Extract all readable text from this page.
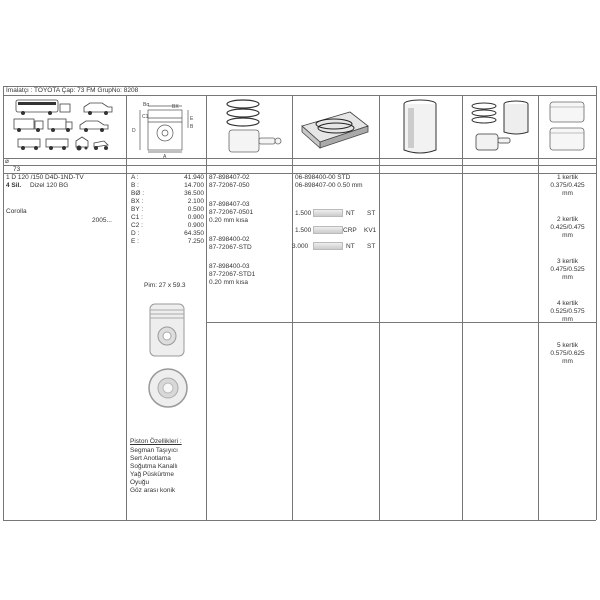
İmalatçı : TOYOTA Çap: 73 FM GrupNo: 8208
Bα	BX
D
E
B
C1
A
⌀
73
1 D 120 /150 D4D-1ND-TV
4 Sil. Dizel 120 BG
Corolla
2005...
A :	41.940
B :	14.700
BØ :	36.500
BX :	2.100
BY :	0.500
C1 :	0.900
C2 :	0.900
D :	64.350
E :	7.250
Pim: 27 x 59.3
Piston Özellikleri :
Segman Taşıyıcı
Sert Anotlama
Soğutma Kanallı
Yağ Püskürtme
Oyuğu
Göz arası konik
87-898407-02
87-72067-050
87-898407-03
87-72067-0501
0.20 mm kısa
87-898400-02
87-72067-STD
87-898400-03
87-72067-STD1
0.20 mm kısa
06-898400-00 STD
06-898407-00 0.50 mm
1.500	NT ST
1.500	CRP KV1
3.000	NT ST
1 kertik
0.375/0.425
mm
2 kertik
0.425/0.475
mm
3 kertik
0.475/0.525
mm
4 kertik
0.525/0.575
mm
5 kertik
0.575/0.625
mm
